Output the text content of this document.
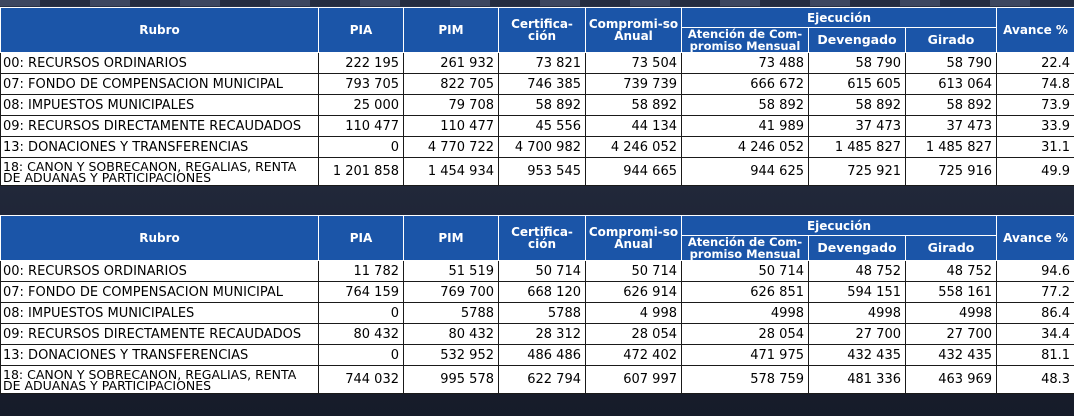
Rubro	PIA	PIM	Certifica-ción	Compromi-so Anual	Ejecución			Avance %
					Atención de Com-promiso Mensual	Devengado	Girado	
00: RECURSOS ORDINARIOS	222 195	261 932	73 821	73 504	73 488	58 790	58 790	22.4
07: FONDO DE COMPENSACION MUNICIPAL	793 705	822 705	746 385	739 739	666 672	615 605	613 064	74.8
08: IMPUESTOS MUNICIPALES	25 000	79 708	58 892	58 892	58 892	58 892	58 892	73.9
09: RECURSOS DIRECTAMENTE RECAUDADOS	110 477	110 477	45 556	44 134	41 989	37 473	37 473	33.9
13: DONACIONES Y TRANSFERENCIAS	0	4 770 722	4 700 982	4 246 052	4 246 052	1 485 827	1 485 827	31.1
18: CANON Y SOBRECANON, REGALIAS, RENTA DE ADUANAS Y PARTICIPACIONES	1 201 858	1 454 934	953 545	944 665	944 625	725 921	725 916	49.9
Rubro	PIA	PIM	Certifica-ción	Compromi-so Anual	Ejecución			Avance %
					Atención de Com-promiso Mensual	Devengado	Girado	
00: RECURSOS ORDINARIOS	11 782	51 519	50 714	50 714	50 714	48 752	48 752	94.6
07: FONDO DE COMPENSACION MUNICIPAL	764 159	769 700	668 120	626 914	626 851	594 151	558 161	77.2
08: IMPUESTOS MUNICIPALES	0	5788	5788	4 998	4998	4998	4998	86.4
09: RECURSOS DIRECTAMENTE RECAUDADOS	80 432	80 432	28 312	28 054	28 054	27 700	27 700	34.4
13: DONACIONES Y TRANSFERENCIAS	0	532 952	486 486	472 402	471 975	432 435	432 435	81.1
18: CANON Y SOBRECANON, REGALIAS, RENTA DE ADUANAS Y PARTICIPACIONES	744 032	995 578	622 794	607 997	578 759	481 336	463 969	48.3
